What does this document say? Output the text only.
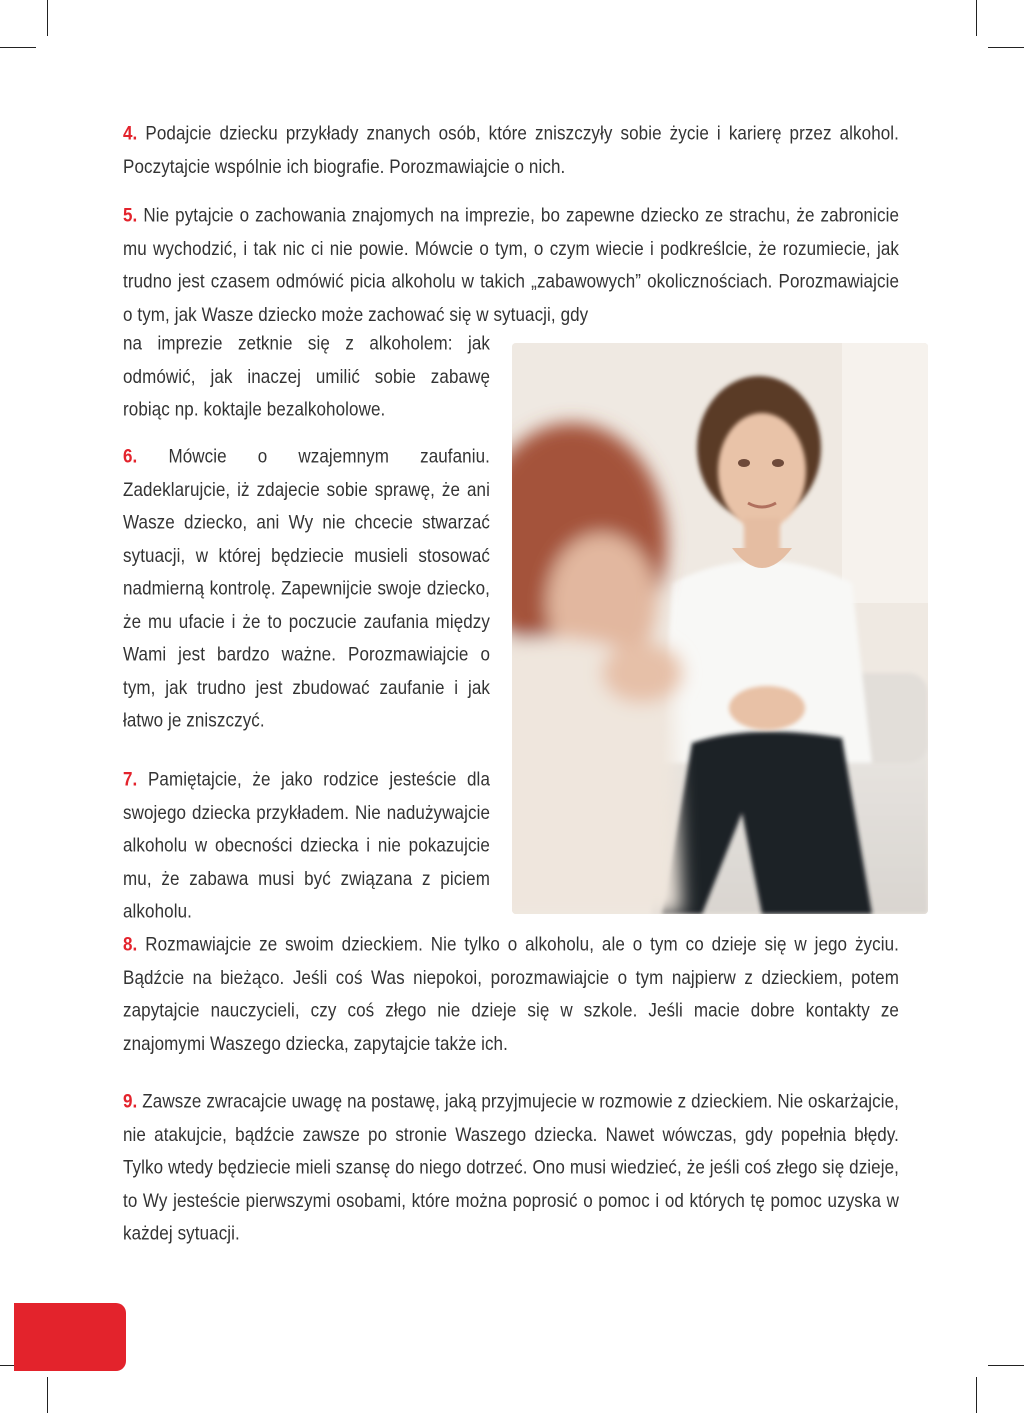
4. Podajcie dziecku przykłady znanych osób, które zniszczyły sobie życie i karierę przez alkohol. Poczytajcie wspólnie ich biografie. Porozmawiajcie o nich.

5. Nie pytajcie o zachowania znajomych na imprezie, bo zapewne dziecko ze strachu, że zabronicie mu wychodzić, i tak nic ci nie powie. Mówcie o tym, o czym wiecie i podkreślcie, że rozumiecie, jak trudno jest czasem odmówić picia alkoholu w takich „zabawowych” okolicznościach. Porozmawiajcie o tym, jak Wasze dziecko może zachować się w sytuacji, gdy

na imprezie zetknie się z alkoholem: jak odmówić, jak inaczej umilić sobie zabawę robiąc np. koktajle bezalkoholowe.

6. Mówcie o wzajemnym zaufaniu. Zadeklarujcie, iż zdajecie sobie sprawę, że ani Wasze dziecko, ani Wy nie chcecie stwarzać sytuacji, w której będziecie musieli stosować nadmierną kontrolę. Zapewnijcie swoje dziecko, że mu ufacie i że to poczucie zaufania między Wami jest bardzo ważne. Porozmawiajcie o tym, jak trudno jest zbudować zaufanie i jak łatwo je zniszczyć.

7. Pamiętajcie, że jako rodzice jesteście dla swojego dziecka przykładem. Nie nadużywajcie alkoholu w obecności dziecka i nie pokazujcie mu, że zabawa musi być związana z piciem alkoholu.

8. Rozmawiajcie ze swoim dzieckiem. Nie tylko o alkoholu, ale o tym co dzieje się w jego życiu. Bądźcie na bieżąco. Jeśli coś Was niepokoi, porozmawiajcie o tym najpierw z dzieckiem, potem zapytajcie nauczycieli, czy coś złego nie dzieje się w szkole. Jeśli macie dobre kontakty ze znajomymi Waszego dziecka, zapytajcie także ich.

9. Zawsze zwracajcie uwagę na postawę, jaką przyjmujecie w rozmowie z dzieckiem. Nie oskarżajcie, nie atakujcie, bądźcie zawsze po stronie Waszego dziecka. Nawet wówczas, gdy popełnia błędy. Tylko wtedy będziecie mieli szansę do niego dotrzeć. Ono musi wiedzieć, że jeśli coś złego się dzieje, to Wy jesteście pierwszymi osobami, które można poprosić o pomoc i od których tę pomoc uzyska w każdej sytuacji.
